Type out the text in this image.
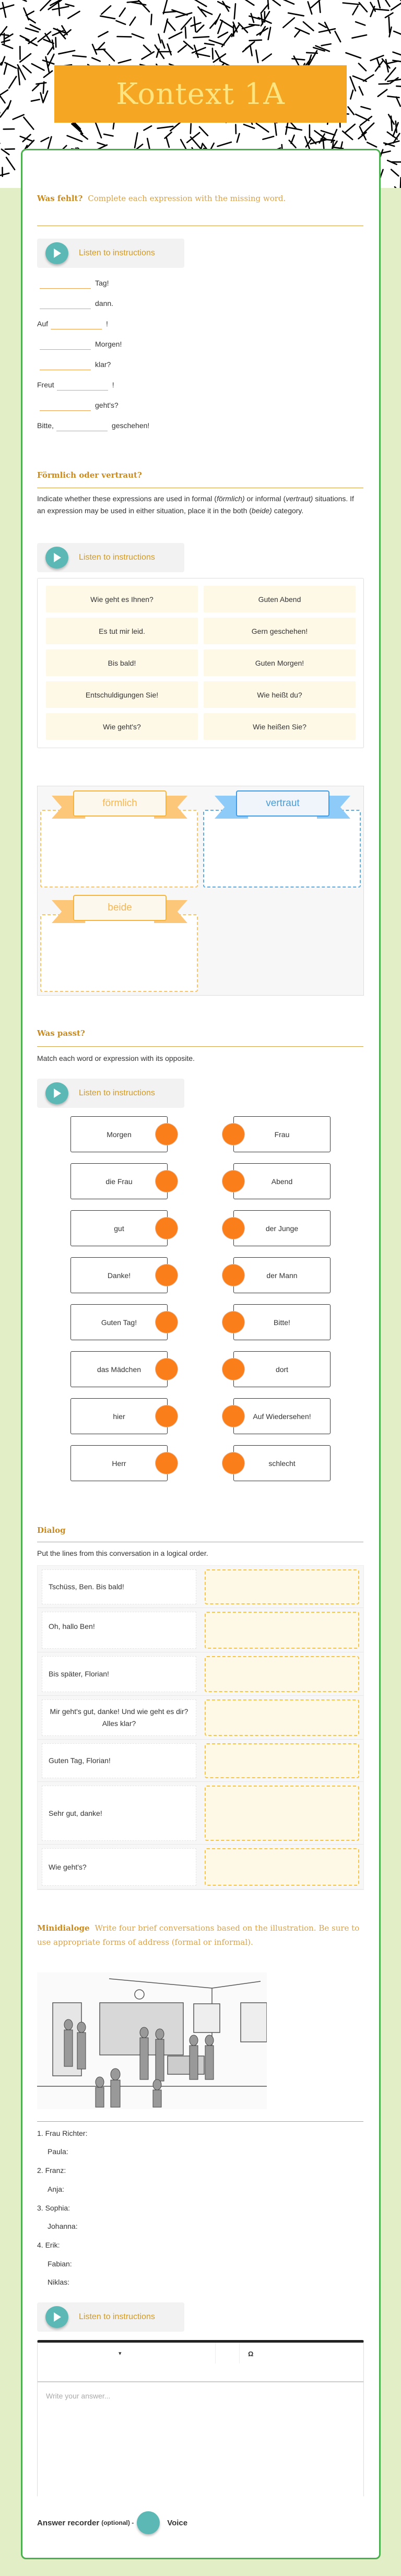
Kontext 1A
Was fehlt? Complete each expression with the missing word.
Listen to instructions
Förmlich oder vertraut?
Indicate whether these expressions are used in formal (förmlich) or informal (vertraut) situations. If an expression may be used in either situation, place it in the both (beide) category.
Listen to instructions
Wie geht es Ihnen?	Guten Abend
Es tut mir leid.	Gern geschehen!
Bis bald!	Guten Morgen!
Entschuldigungen Sie!	Wie heißt du?
Wie geht's?	Wie heißen Sie?
förmlich	vertraut
beide
Was passt?
Match each word or expression with its opposite.
Listen to instructions
Dialog
Put the lines from this conversation in a logical order.
Tschüss, Ben. Bis bald!
Oh, hallo Ben!
Bis später, Florian!
Mir geht's gut, danke! Und wie geht es dir? Alles klar?
Guten Tag, Florian!
Sehr gut, danke!
Wie geht's?
Minidialoge Write four brief conversations based on the illustration. Be sure to use appropriate forms of address (formal or informal).
Listen to instructions
▾	Ω
Write your answer...
Answer recorder (optional) -	Voice
Tag!
dann.
Auf	!
Morgen!
klar?
Freut	!
geht's?
Bitte,	geschehen!
Morgen	Frau
die Frau	Abend
gut	der Junge
Danke!	der Mann
Guten Tag!	Bitte!
das Mädchen	dort
hier	Auf Wiedersehen!
Herr	schlecht
1. Frau Richter:
Paula:
2. Franz:
Anja:
3. Sophia:
Johanna:
4. Erik:
Fabian:
Niklas:
